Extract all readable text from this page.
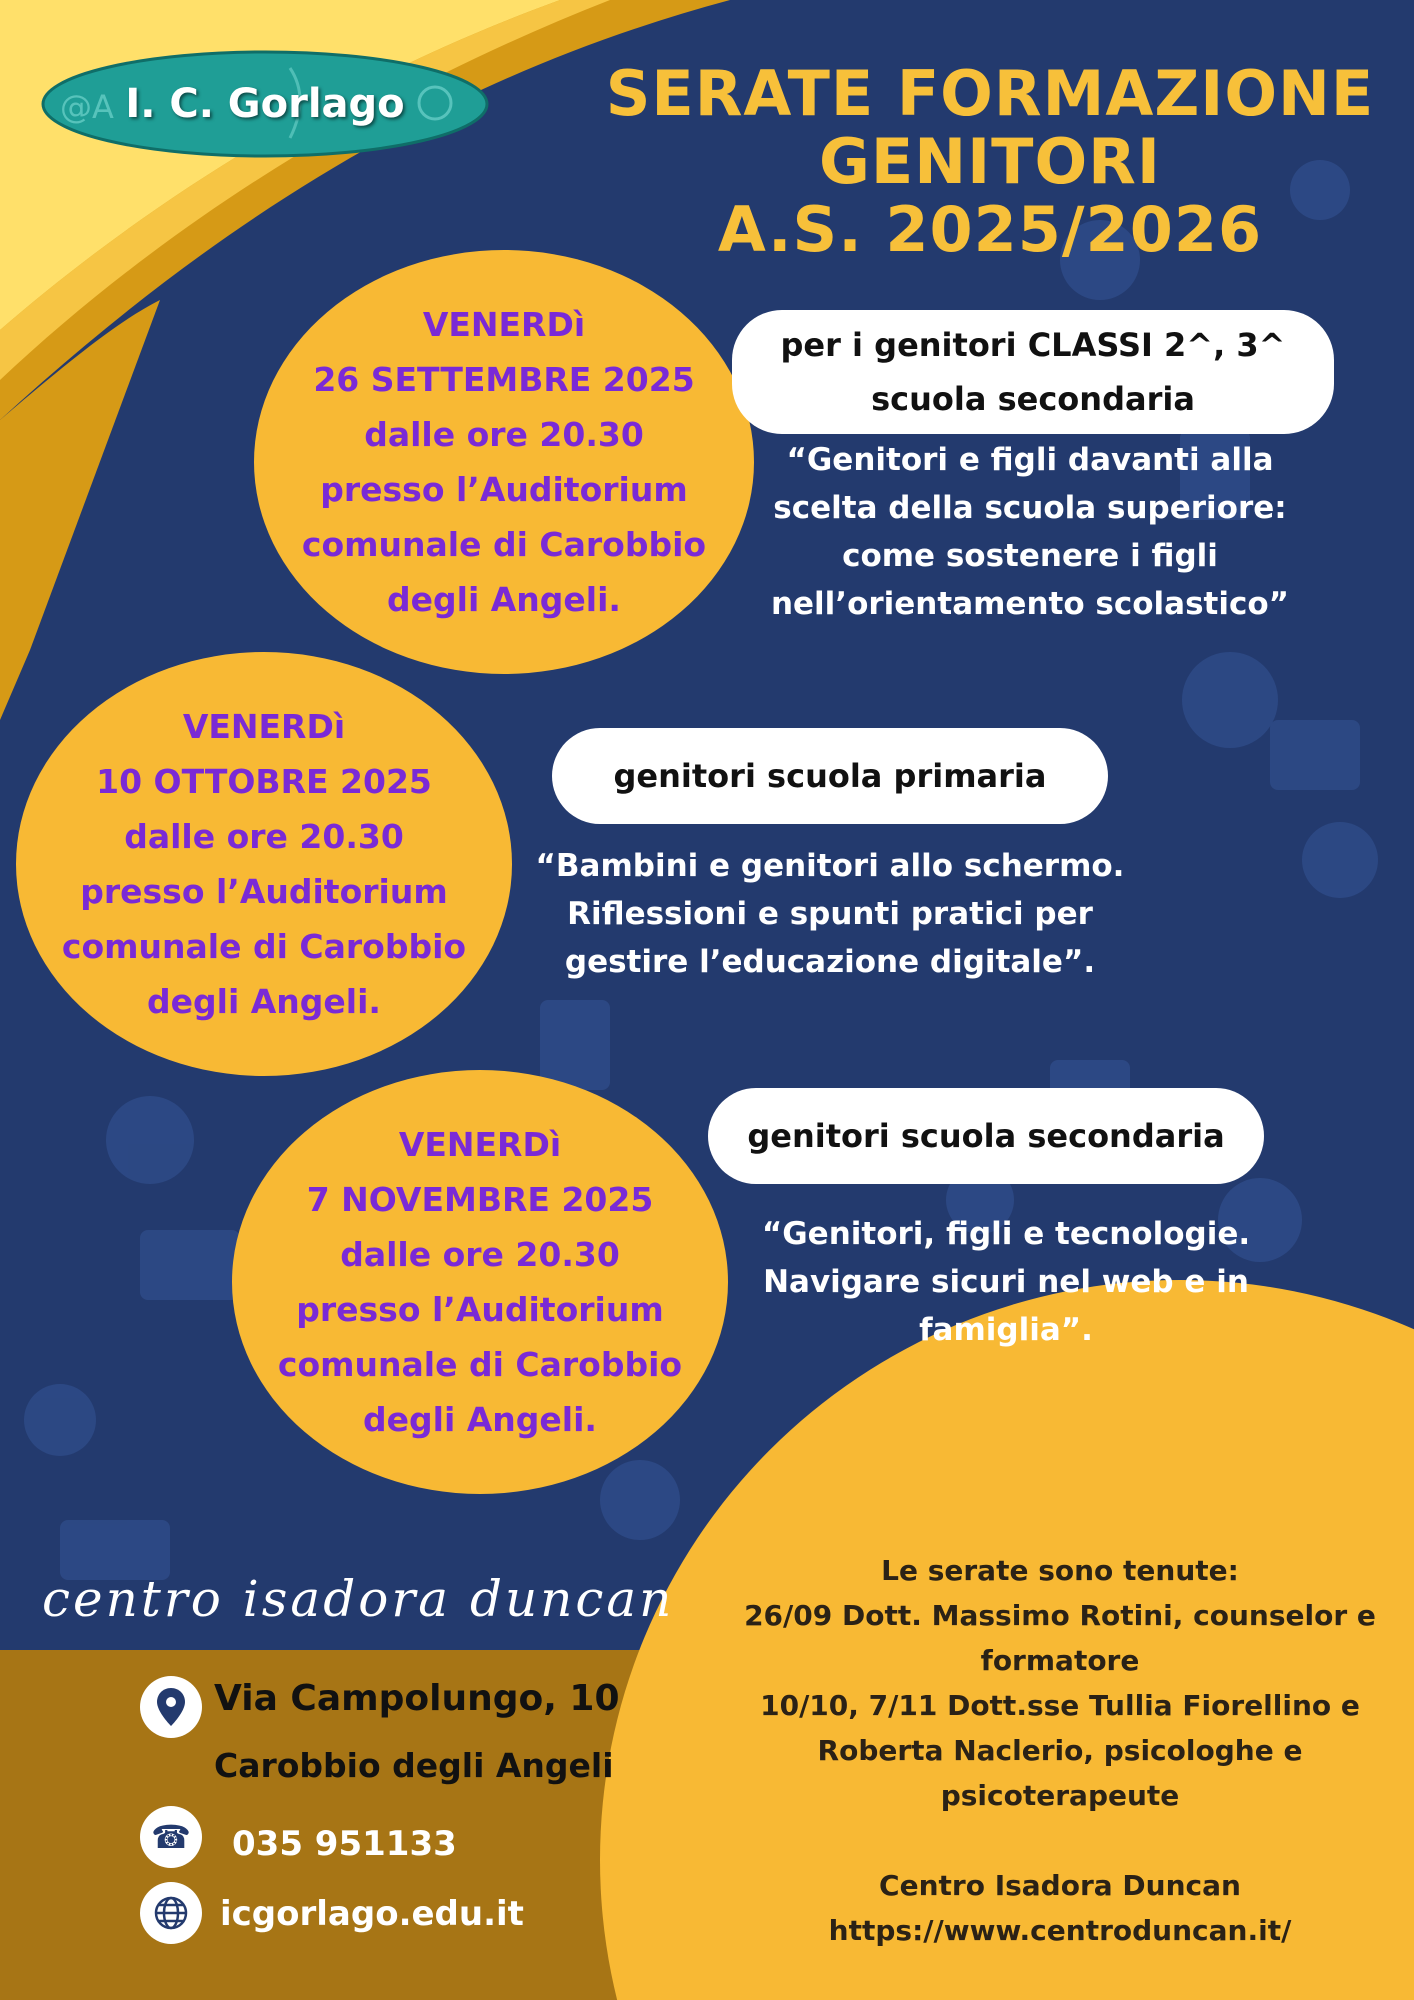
@A I. C. Gorlago	SERATE FORMAZIONE
GENITORI
A.S. 2025/2026
VENERDì
26 SETTEMBRE 2025
dalle ore 20.30
presso l’Auditorium
comunale di Carobbio
degli Angeli.
per i genitori CLASSI 2^, 3^
scuola secondaria
“Genitori e figli davanti alla
scelta della scuola superiore:
come sostenere i figli
nell’orientamento scolastico”
VENERDì
10 OTTOBRE 2025
dalle ore 20.30
presso l’Auditorium
comunale di Carobbio
degli Angeli.
genitori scuola primaria
“Bambini e genitori allo schermo.
Riflessioni e spunti pratici per
gestire l’educazione digitale”.
VENERDì
7 NOVEMBRE 2025
dalle ore 20.30
presso l’Auditorium
comunale di Carobbio
degli Angeli.
genitori scuola secondaria
“Genitori, figli e tecnologie.
Navigare sicuri nel web e in
famiglia”.
centro isadora duncan
Via Campolungo, 10
Carobbio degli Angeli
☎ 035 951133
icgorlago.edu.it
Le serate sono tenute:
26/09 Dott. Massimo Rotini, counselor e
formatore
10/10, 7/11 Dott.sse Tullia Fiorellino e
Roberta Naclerio, psicologhe e
psicoterapeute
Centro Isadora Duncan
https://www.centroduncan.it/
